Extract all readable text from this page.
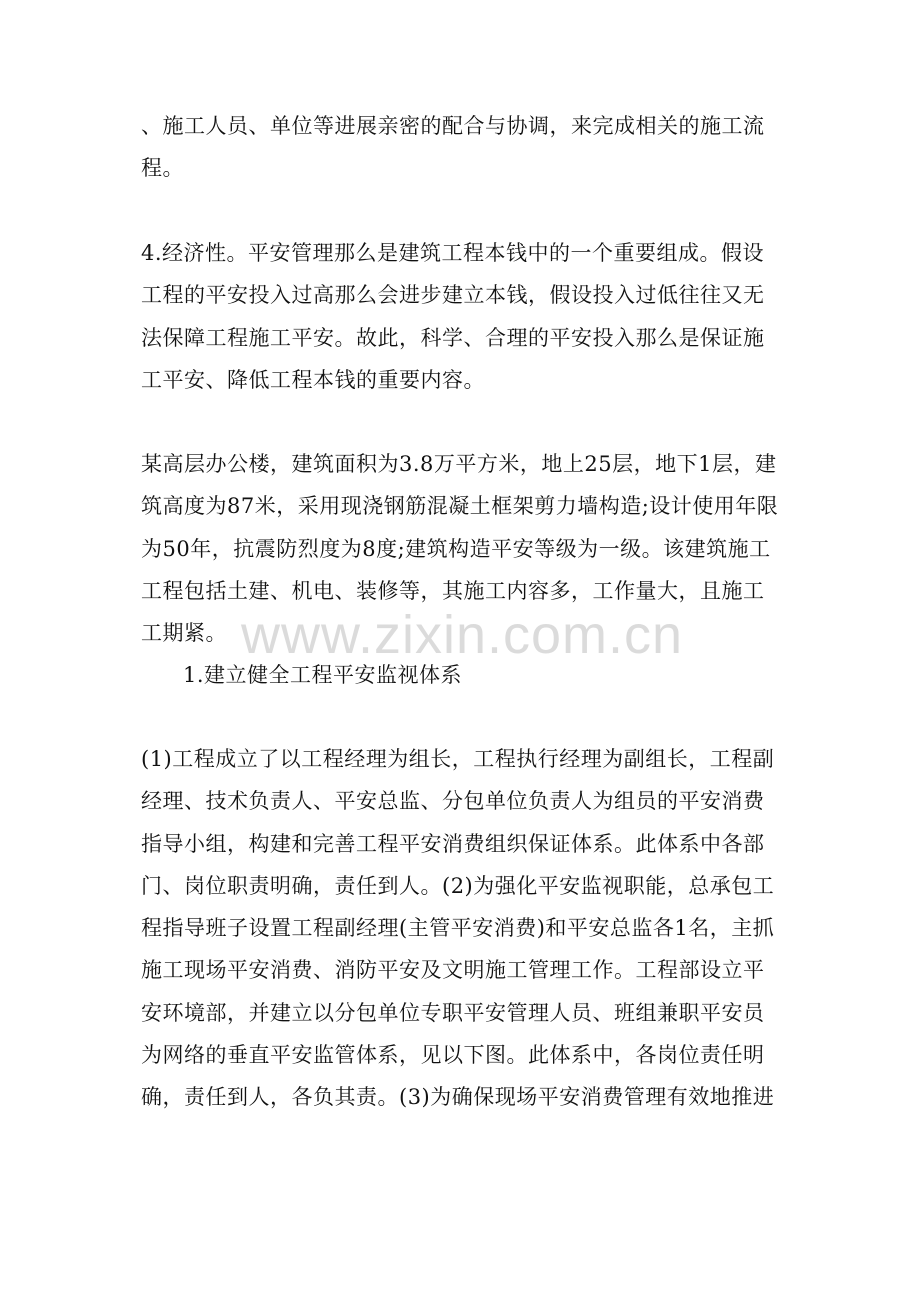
www.zixin.com.cn
、施工人员、单位等进展亲密的配合与协调，来完成相关的施工流
程。
4.经济性。平安管理那么是建筑工程本钱中的一个重要组成。假设
工程的平安投入过高那么会进步建立本钱，假设投入过低往往又无
法保障工程施工平安。故此，科学、合理的平安投入那么是保证施
工平安、降低工程本钱的重要内容。
某高层办公楼，建筑面积为3.8万平方米，地上25层，地下1层，建
筑高度为87米，采用现浇钢筋混凝土框架剪力墙构造;设计使用年限
为50年，抗震防烈度为8度;建筑构造平安等级为一级。该建筑施工
工程包括土建、机电、装修等，其施工内容多，工作量大，且施工
工期紧。
1.建立健全工程平安监视体系
(1)工程成立了以工程经理为组长，工程执行经理为副组长，工程副
经理、技术负责人、平安总监、分包单位负责人为组员的平安消费
指导小组，构建和完善工程平安消费组织保证体系。此体系中各部
门、岗位职责明确，责任到人。(2)为强化平安监视职能，总承包工
程指导班子设置工程副经理(主管平安消费)和平安总监各1名，主抓
施工现场平安消费、消防平安及文明施工管理工作。工程部设立平
安环境部，并建立以分包单位专职平安管理人员、班组兼职平安员
为网络的垂直平安监管体系，见以下图。此体系中，各岗位责任明
确，责任到人，各负其责。(3)为确保现场平安消费管理有效地推进
